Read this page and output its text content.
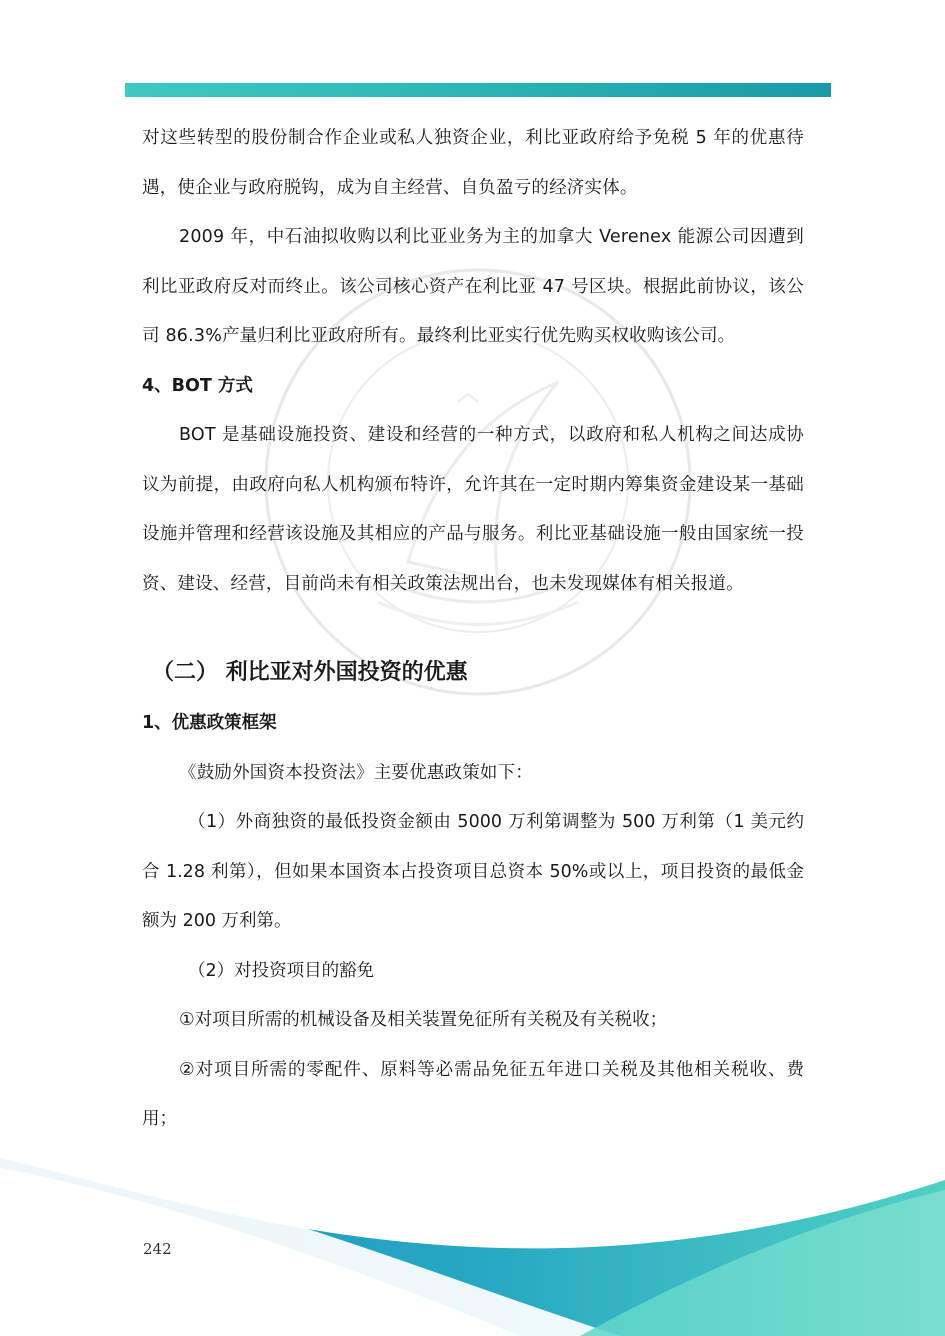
对这些转型的股份制合作企业或私人独资企业，利比亚政府给予免税 5 年的优惠待遇，使企业与政府脱钩，成为自主经营、自负盈亏的经济实体。

2009 年，中石油拟收购以利比亚业务为主的加拿大 Verenex 能源公司因遭到利比亚政府反对而终止。该公司核心资产在利比亚 47 号区块。根据此前协议，该公司 86.3%产量归利比亚政府所有。最终利比亚实行优先购买权收购该公司。

4、BOT 方式

BOT 是基础设施投资、建设和经营的一种方式，以政府和私人机构之间达成协议为前提，由政府向私人机构颁布特许，允许其在一定时期内筹集资金建设某一基础设施并管理和经营该设施及其相应的产品与服务。利比亚基础设施一般由国家统一投资、建设、经营，目前尚未有相关政策法规出台，也未发现媒体有相关报道。

（二） 利比亚对外国投资的优惠

1、优惠政策框架

《鼓励外国资本投资法》主要优惠政策如下：

（1）外商独资的最低投资金额由 5000 万利第调整为 500 万利第（1 美元约合 1.28 利第），但如果本国资本占投资项目总资本 50%或以上，项目投资的最低金额为 200 万利第。

（2）对投资项目的豁免

①对项目所需的机械设备及相关装置免征所有关税及有关税收；

②对项目所需的零配件、原料等必需品免征五年进口关税及其他相关税收、费用；

242
